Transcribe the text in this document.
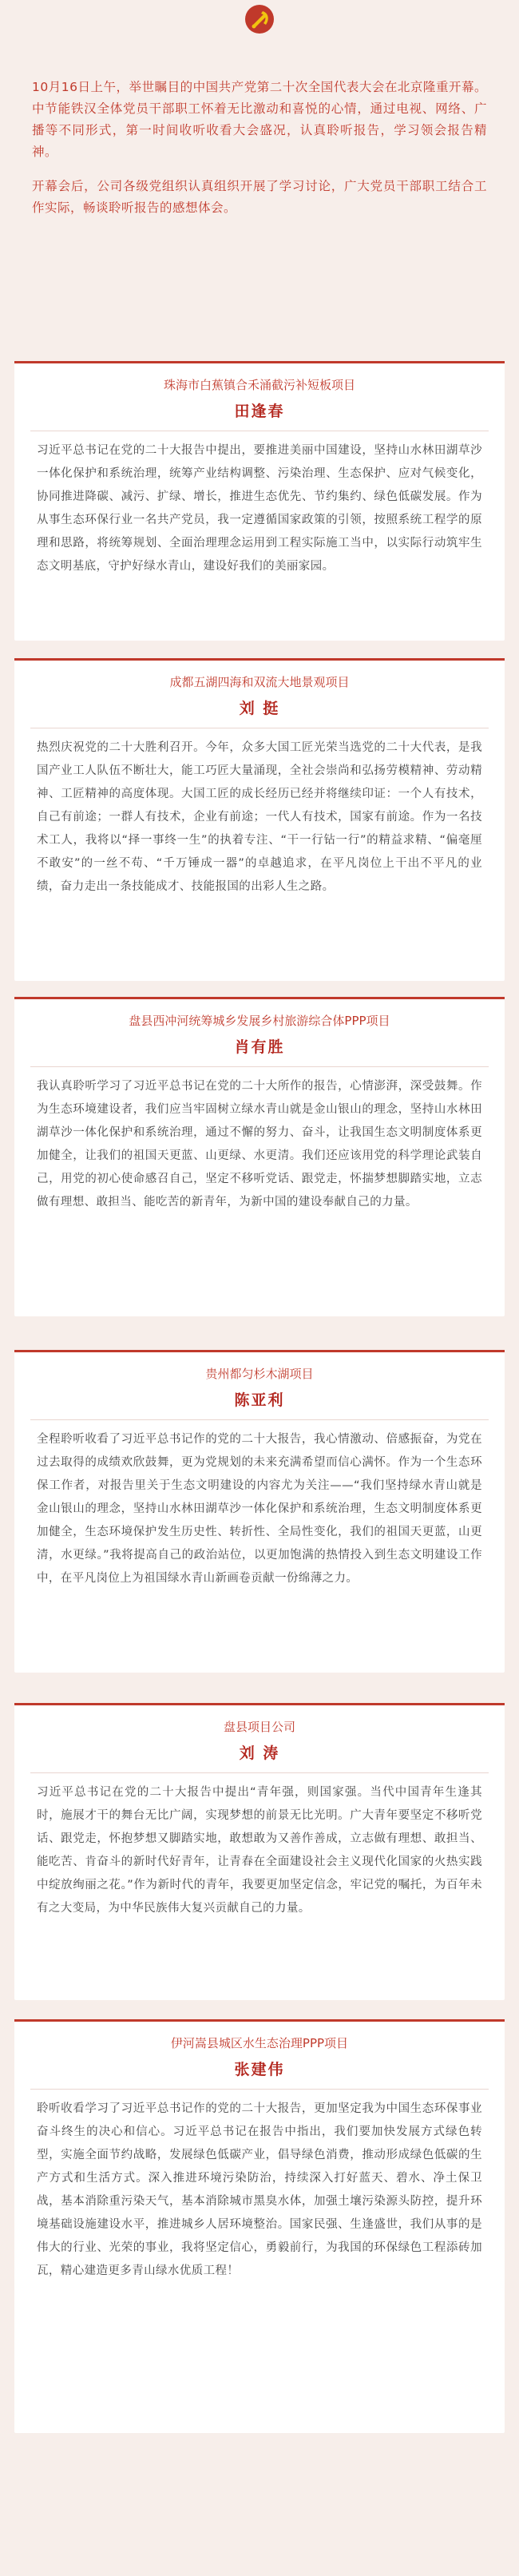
10月16日上午，举世瞩目的中国共产党第二十次全国代表大会在北京隆重开幕。中节能铁汉全体党员干部职工怀着无比激动和喜悦的心情，通过电视、网络、广播等不同形式，第一时间收听收看大会盛况，认真聆听报告，学习领会报告精神。

开幕会后，公司各级党组织认真组织开展了学习讨论，广大党员干部职工结合工作实际，畅谈聆听报告的感想体会。

珠海市白蕉镇合禾涌截污补短板项目
田逢春
习近平总书记在党的二十大报告中提出，要推进美丽中国建设，坚持山水林田湖草沙一体化保护和系统治理，统筹产业结构调整、污染治理、生态保护、应对气候变化，协同推进降碳、减污、扩绿、增长，推进生态优先、节约集约、绿色低碳发展。作为从事生态环保行业一名共产党员，我一定遵循国家政策的引领，按照系统工程学的原理和思路，将统筹规划、全面治理理念运用到工程实际施工当中，以实际行动筑牢生态文明基底，守护好绿水青山，建设好我们的美丽家园。
成都五湖四海和双流大地景观项目
刘 挺
热烈庆祝党的二十大胜利召开。今年，众多大国工匠光荣当选党的二十大代表，是我国产业工人队伍不断壮大，能工巧匠大量涌现，全社会崇尚和弘扬劳模精神、劳动精神、工匠精神的高度体现。大国工匠的成长经历已经并将继续印证：一个人有技术，自己有前途；一群人有技术，企业有前途；一代人有技术，国家有前途。作为一名技术工人，我将以“择一事终一生”的执着专注、“干一行钻一行”的精益求精、“偏毫厘不敢安”的一丝不苟、“千万锤成一器”的卓越追求，在平凡岗位上干出不平凡的业绩，奋力走出一条技能成才、技能报国的出彩人生之路。
盘县西冲河统筹城乡发展乡村旅游综合体PPP项目
肖有胜
我认真聆听学习了习近平总书记在党的二十大所作的报告，心情澎湃，深受鼓舞。作为生态环境建设者，我们应当牢固树立绿水青山就是金山银山的理念，坚持山水林田湖草沙一体化保护和系统治理，通过不懈的努力、奋斗，让我国生态文明制度体系更加健全，让我们的祖国天更蓝、山更绿、水更清。我们还应该用党的科学理论武装自己，用党的初心使命感召自己，坚定不移听党话、跟党走，怀揣梦想脚踏实地，立志做有理想、敢担当、能吃苦的新青年，为新中国的建设奉献自己的力量。
贵州都匀杉木湖项目
陈亚利
全程聆听收看了习近平总书记作的党的二十大报告，我心情激动、倍感振奋，为党在过去取得的成绩欢欣鼓舞，更为党规划的未来充满希望而信心满怀。作为一个生态环保工作者，对报告里关于生态文明建设的内容尤为关注——“我们坚持绿水青山就是金山银山的理念，坚持山水林田湖草沙一体化保护和系统治理，生态文明制度体系更加健全，生态环境保护发生历史性、转折性、全局性变化，我们的祖国天更蓝，山更清，水更绿。”我将提高自己的政治站位，以更加饱满的热情投入到生态文明建设工作中，在平凡岗位上为祖国绿水青山新画卷贡献一份绵薄之力。
盘县项目公司
刘 涛
习近平总书记在党的二十大报告中提出“青年强，则国家强。当代中国青年生逢其时，施展才干的舞台无比广阔，实现梦想的前景无比光明。广大青年要坚定不移听党话、跟党走，怀抱梦想又脚踏实地，敢想敢为又善作善成，立志做有理想、敢担当、能吃苦、肯奋斗的新时代好青年，让青春在全面建设社会主义现代化国家的火热实践中绽放绚丽之花。”作为新时代的青年，我要更加坚定信念，牢记党的嘱托，为百年未有之大变局，为中华民族伟大复兴贡献自己的力量。
伊河嵩县城区水生态治理PPP项目
张建伟
聆听收看学习了习近平总书记作的党的二十大报告，更加坚定我为中国生态环保事业奋斗终生的决心和信心。习近平总书记在报告中指出，我们要加快发展方式绿色转型，实施全面节约战略，发展绿色低碳产业，倡导绿色消费，推动形成绿色低碳的生产方式和生活方式。深入推进环境污染防治，持续深入打好蓝天、碧水、净土保卫战，基本消除重污染天气，基本消除城市黑臭水体，加强土壤污染源头防控，提升环境基础设施建设水平，推进城乡人居环境整治。国家民强、生逢盛世，我们从事的是伟大的行业、光荣的事业，我将坚定信心，勇毅前行，为我国的环保绿色工程添砖加瓦，精心建造更多青山绿水优质工程！
